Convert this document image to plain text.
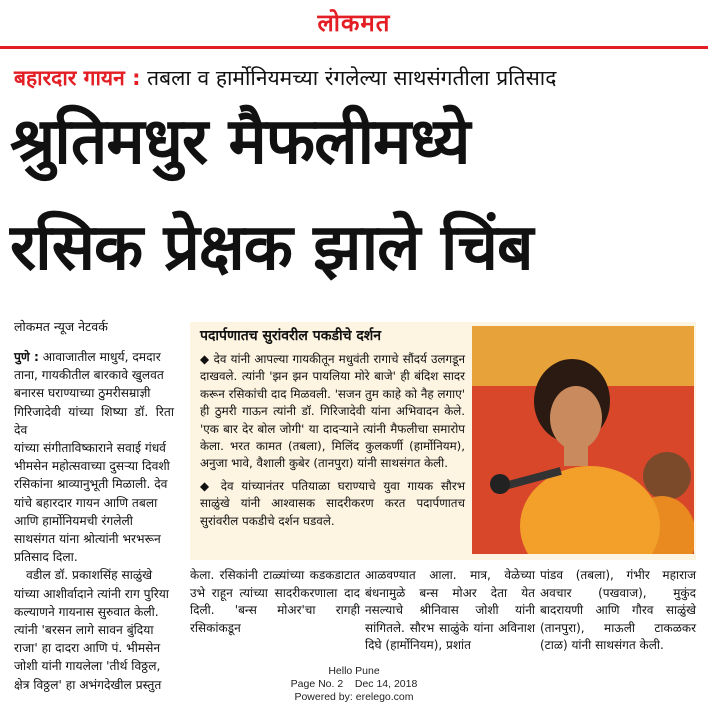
लोकमत
बहारदार गायन : तबला व हार्मोनियमच्या रंगलेल्या साथसंगतीला प्रतिसाद
श्रुतिमधुर मैफलीमध्ये
रसिक प्रेक्षक झाले चिंब
लोकमत न्यूज नेटवर्क
पुणे : आवाजातील माधुर्य, दमदार
ताना, गायकीतील बारकावे खुलवत
बनारस घराण्याच्या ठुमरीसम्राज्ञी
गिरिजादेवी यांच्या शिष्या डॉ. रिता देव
यांच्या संगीताविष्काराने सवाई गंधर्व
भीमसेन महोत्सवाच्या दुसऱ्या दिवशी
रसिकांना श्राव्यानुभूती मिळाली. देव
यांचे बहारदार गायन आणि तबला
आणि हार्मोनियमची रंगलेली
साथसंगत यांना श्रोत्यांनी भरभरून
प्रतिसाद दिला.
वडील डॉ. प्रकाशसिंह साळुंखे
यांच्या आशीर्वादाने त्यांनी राग पुरिया
कल्याणने गायनास सुरुवात केली.
त्यांनी 'बरसन लागे सावन बुंदिया
राजा' हा दादरा आणि पं. भीमसेन
जोशी यांनी गायलेला 'तीर्थ विठ्ठल,
क्षेत्र विठ्ठल' हा अभंगदेखील प्रस्तुत
पदार्पणातच सुरांवरील पकडीचे दर्शन

◆ देव यांनी आपल्या गायकीतून मधुवंती रागाचे सौंदर्य उलगडून दाखवले. त्यांनी 'झन झन पायलिया मोरे बाजे' ही बंदिश सादर करून रसिकांची दाद मिळवली. 'सजन तुम काहे को नैह लगाए' ही ठुमरी गाऊन त्यांनी डॉ. गिरिजादेवी यांना अभिवादन केले. 'एक बार देर बोल जोगी' या दादऱ्याने त्यांनी मैफलीचा समारोप केला. भरत कामत (तबला), मिलिंद कुलकर्णी (हार्मोनियम), अनुजा भावे, वैशाली कुबेर (तानपुरा) यांनी साथसंगत केली.

◆ देव यांच्यानंतर पतियाळा घराण्याचे युवा गायक सौरभ साळुंखे यांनी आश्वासक सादरीकरण करत पदार्पणातच सुरांवरील पकडीचे दर्शन घडवले.

केला. रसिकांनी टाळ्यांच्या कडकडाटात उभे राहून त्यांच्या सादरीकरणाला दाद दिली. 'बन्स मोअर'चा रागही रसिकांकडून
आळवण्यात आला. मात्र, वेळेच्या बंधनामुळे बन्स मोअर देता येत नसल्याचे श्रीनिवास जोशी यांनी सांगितले. सौरभ साळुंके यांना अविनाश दिघे (हार्मोनियम), प्रशांत
पांडव (तबला), गंभीर महाराज अवचार (पखवाज), मुकुंद बादरायणी आणि गौरव साळुंखे (तानपुरा), माऊली टाकळकर (टाळ) यांनी साथसंगत केली.
Hello Pune
Page No. 2    Dec 14, 2018
Powered by: erelego.com
